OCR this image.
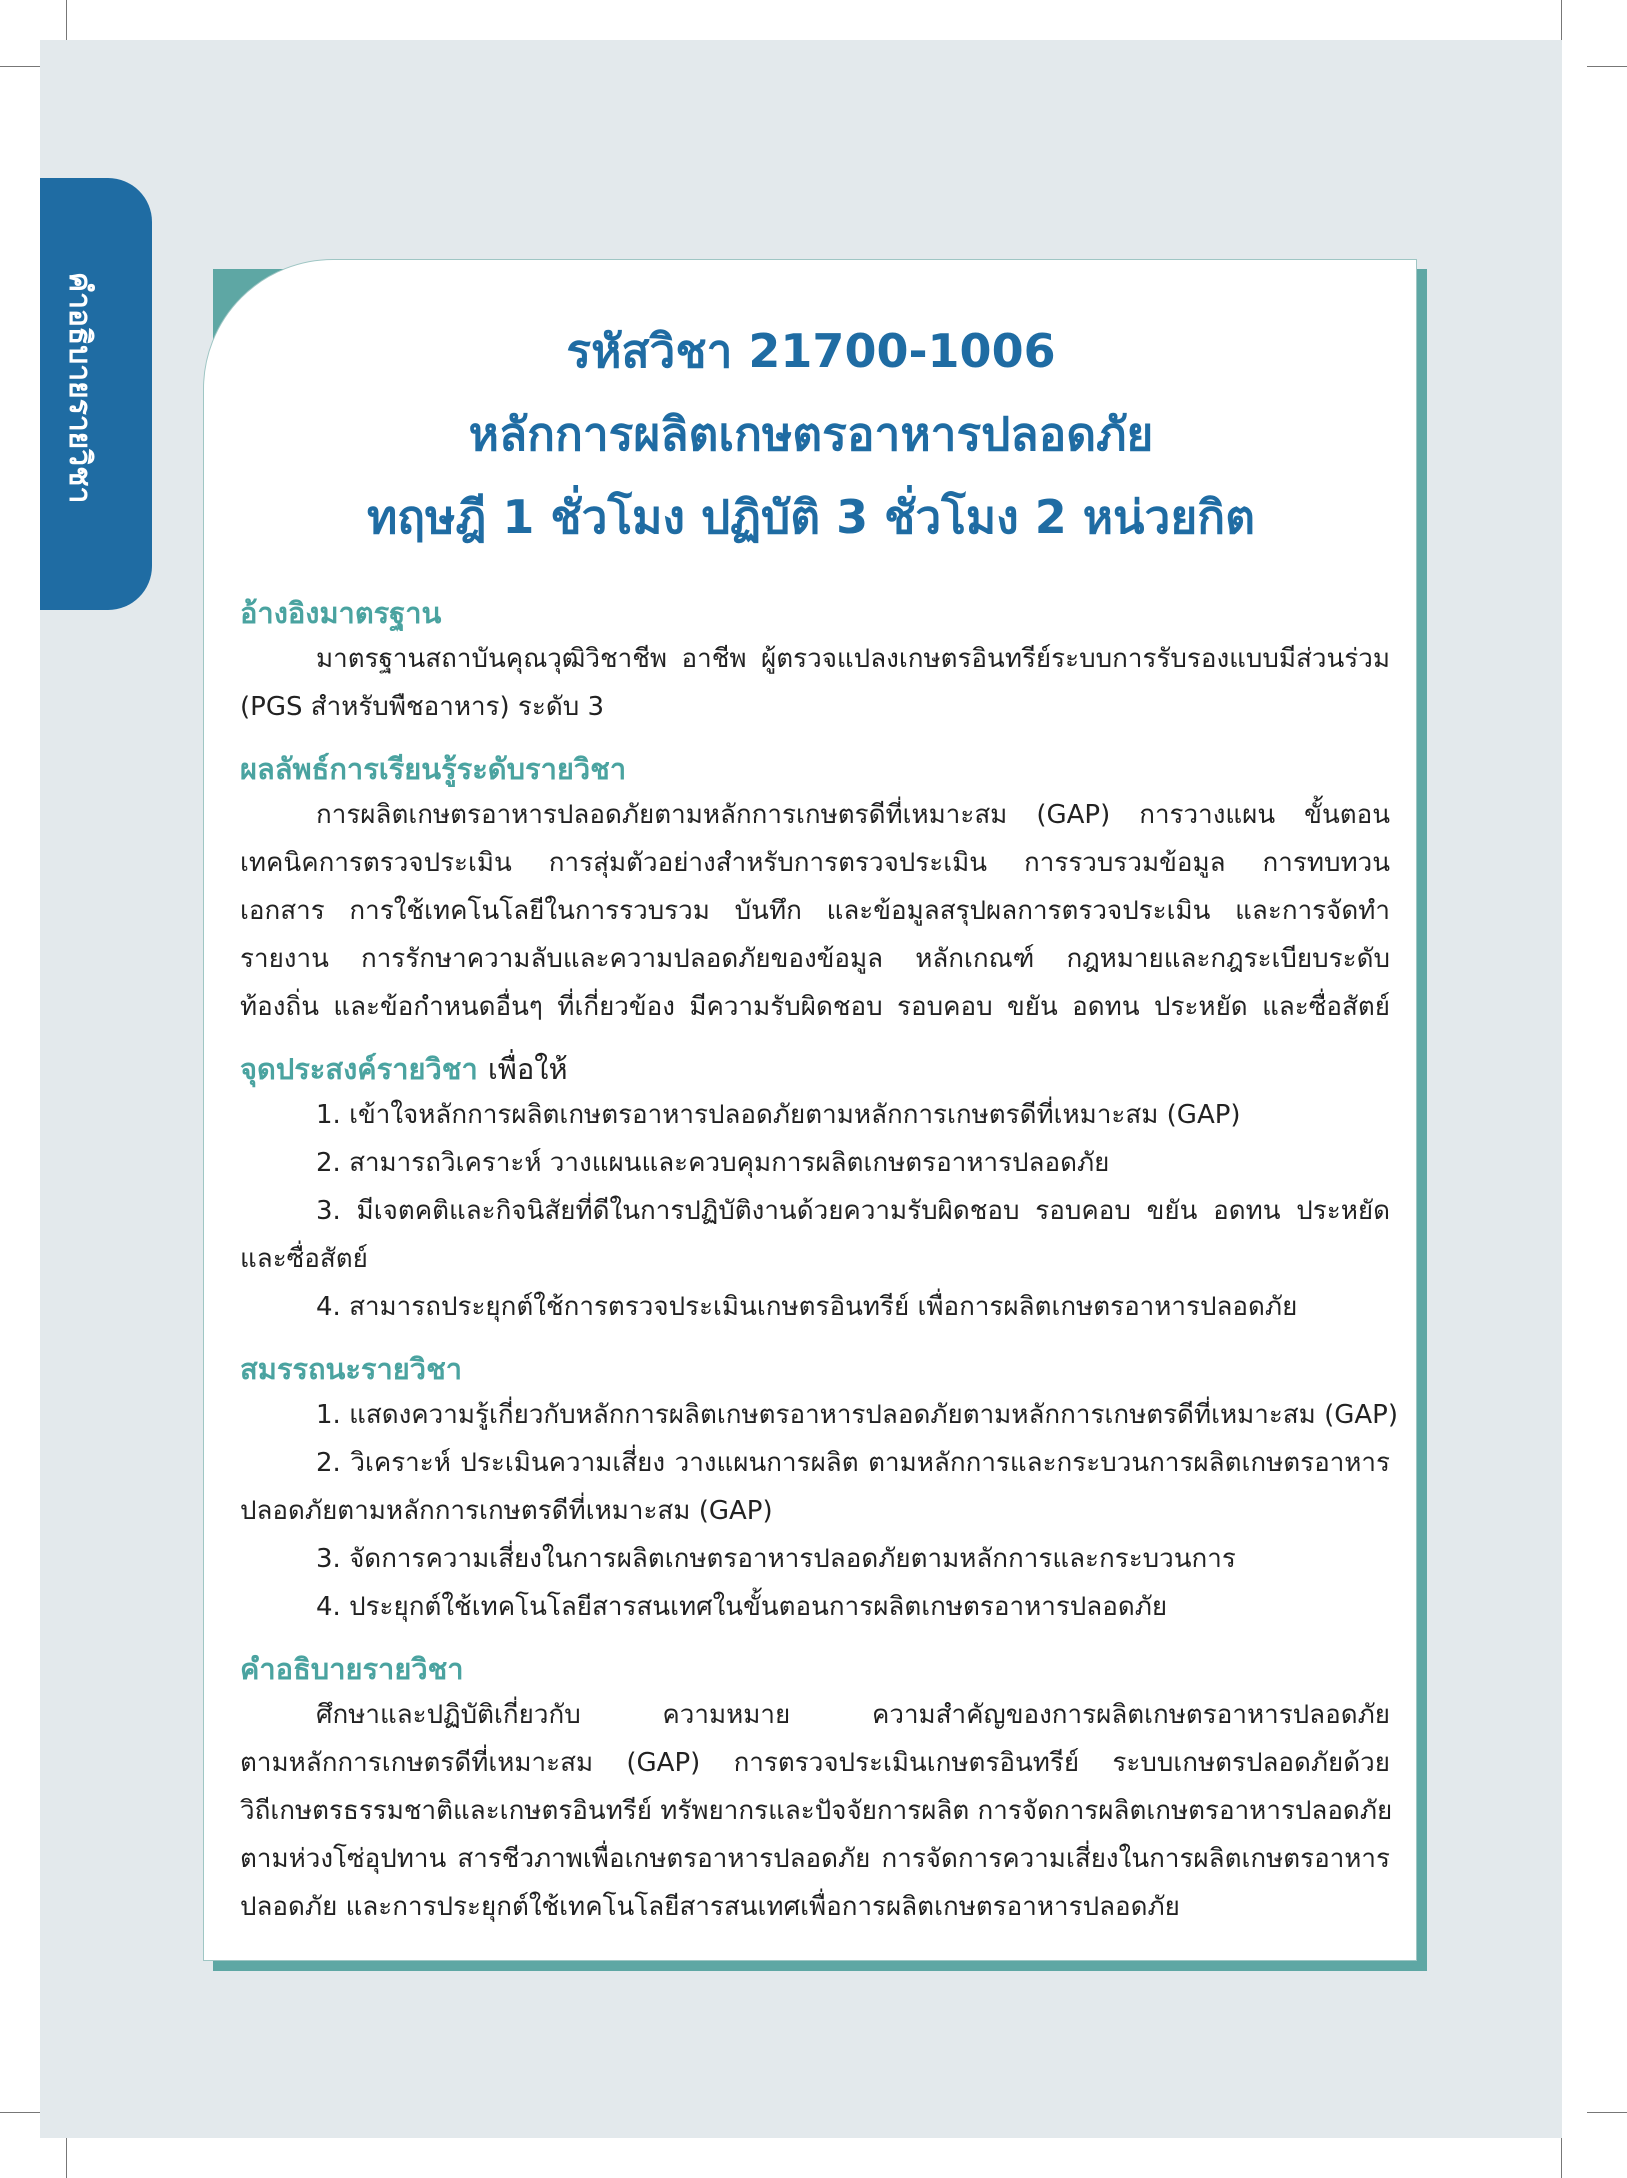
คำอธิบายรายวิชา	รหัสวิชา 21700-1006
หลักการผลิตเกษตรอาหารปลอดภัย
ทฤษฎี 1 ชั่วโมง ปฏิบัติ 3 ชั่วโมง 2 หน่วยกิต
อ้างอิงมาตรฐาน
มาตรฐานสถาบันคุณวุฒิวิชาชีพ อาชีพ ผู้ตรวจแปลงเกษตรอินทรีย์ระบบการรับรองแบบมีส่วนร่วม
(PGS สำหรับพืชอาหาร) ระดับ 3
ผลลัพธ์การเรียนรู้ระดับรายวิชา
การผลิตเกษตรอาหารปลอดภัยตามหลักการเกษตรดีที่เหมาะสม (GAP) การวางแผน ขั้นตอน
เทคนิคการตรวจประเมิน การสุ่มตัวอย่างสำหรับการตรวจประเมิน การรวบรวมข้อมูล การทบทวน
เอกสาร การใช้เทคโนโลยีในการรวบรวม บันทึก และข้อมูลสรุปผลการตรวจประเมิน และการจัดทำ
รายงาน การรักษาความลับและความปลอดภัยของข้อมูล หลักเกณฑ์ กฎหมายและกฎระเบียบระดับ
ท้องถิ่น และข้อกำหนดอื่นๆ ที่เกี่ยวข้อง มีความรับผิดชอบ รอบคอบ ขยัน อดทน ประหยัด และซื่อสัตย์
จุดประสงค์รายวิชา เพื่อให้
1. เข้าใจหลักการผลิตเกษตรอาหารปลอดภัยตามหลักการเกษตรดีที่เหมาะสม (GAP)
2. สามารถวิเคราะห์ วางแผนและควบคุมการผลิตเกษตรอาหารปลอดภัย
3. มีเจตคติและกิจนิสัยที่ดีในการปฏิบัติงานด้วยความรับผิดชอบ รอบคอบ ขยัน อดทน ประหยัด
และซื่อสัตย์
4. สามารถประยุกต์ใช้การตรวจประเมินเกษตรอินทรีย์ เพื่อการผลิตเกษตรอาหารปลอดภัย
สมรรถนะรายวิชา
1. แสดงความรู้เกี่ยวกับหลักการผลิตเกษตรอาหารปลอดภัยตามหลักการเกษตรดีที่เหมาะสม (GAP)
2. วิเคราะห์ ประเมินความเสี่ยง วางแผนการผลิต ตามหลักการและกระบวนการผลิตเกษตรอาหาร
ปลอดภัยตามหลักการเกษตรดีที่เหมาะสม (GAP)
3. จัดการความเสี่ยงในการผลิตเกษตรอาหารปลอดภัยตามหลักการและกระบวนการ
4. ประยุกต์ใช้เทคโนโลยีสารสนเทศในขั้นตอนการผลิตเกษตรอาหารปลอดภัย
คำอธิบายรายวิชา
ศึกษาและปฏิบัติเกี่ยวกับ ความหมาย ความสำคัญของการผลิตเกษตรอาหารปลอดภัย
ตามหลักการเกษตรดีที่เหมาะสม (GAP) การตรวจประเมินเกษตรอินทรีย์ ระบบเกษตรปลอดภัยด้วย
วิถีเกษตรธรรมชาติและเกษตรอินทรีย์ ทรัพยากรและปัจจัยการผลิต การจัดการผลิตเกษตรอาหารปลอดภัย
ตามห่วงโซ่อุปทาน สารชีวภาพเพื่อเกษตรอาหารปลอดภัย การจัดการความเสี่ยงในการผลิตเกษตรอาหาร
ปลอดภัย และการประยุกต์ใช้เทคโนโลยีสารสนเทศเพื่อการผลิตเกษตรอาหารปลอดภัย
